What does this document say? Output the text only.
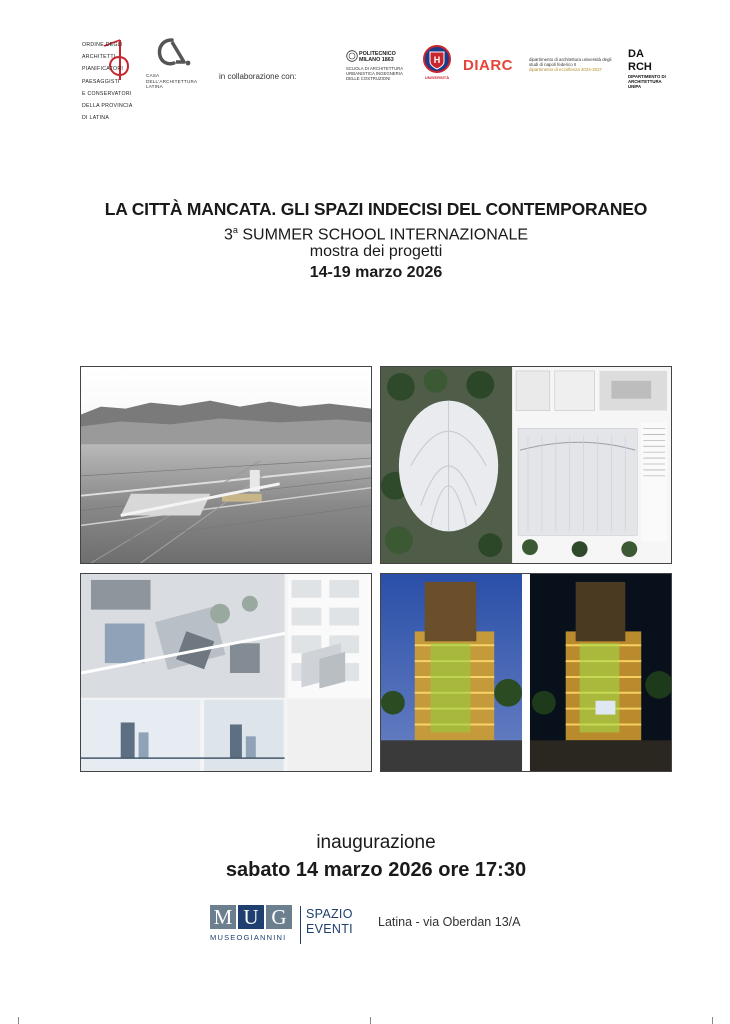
ORDINE DEGLI

ARCHITETTI

PIANIFICATORI

PAESAGGISTI

E CONSERVATORI

DELLA PROVINCIA

DI LATINA

CASA DELL'ARCHITETTURA LATINA
in collaborazione con:
POLITECNICO MILANO 1863
SCUOLA DI ARCHITETTURA URBANISTICA INGEGNERIA DELLE COSTRUZIONI
H
UNIVERSITÀ
DIARC	dipartimento di architettura università degli studi di napoli federico II
dipartimento di eccellenza 2023-2027
DA
RCH
DIPARTIMENTO DI ARCHITETTURA UNIPA
LA CITTÀ MANCATA. GLI SPAZI INDECISI DEL CONTEMPORANEO
3$^a$ SUMMER SCHOOL INTERNAZIONALE
mostra dei progetti
14-19 marzo 2026
inaugurazione
sabato 14 marzo 2026 ore 17:30
M U G
MUSEOGIANNINI
SPAZIO EVENTI	Latina - via Oberdan 13/A
